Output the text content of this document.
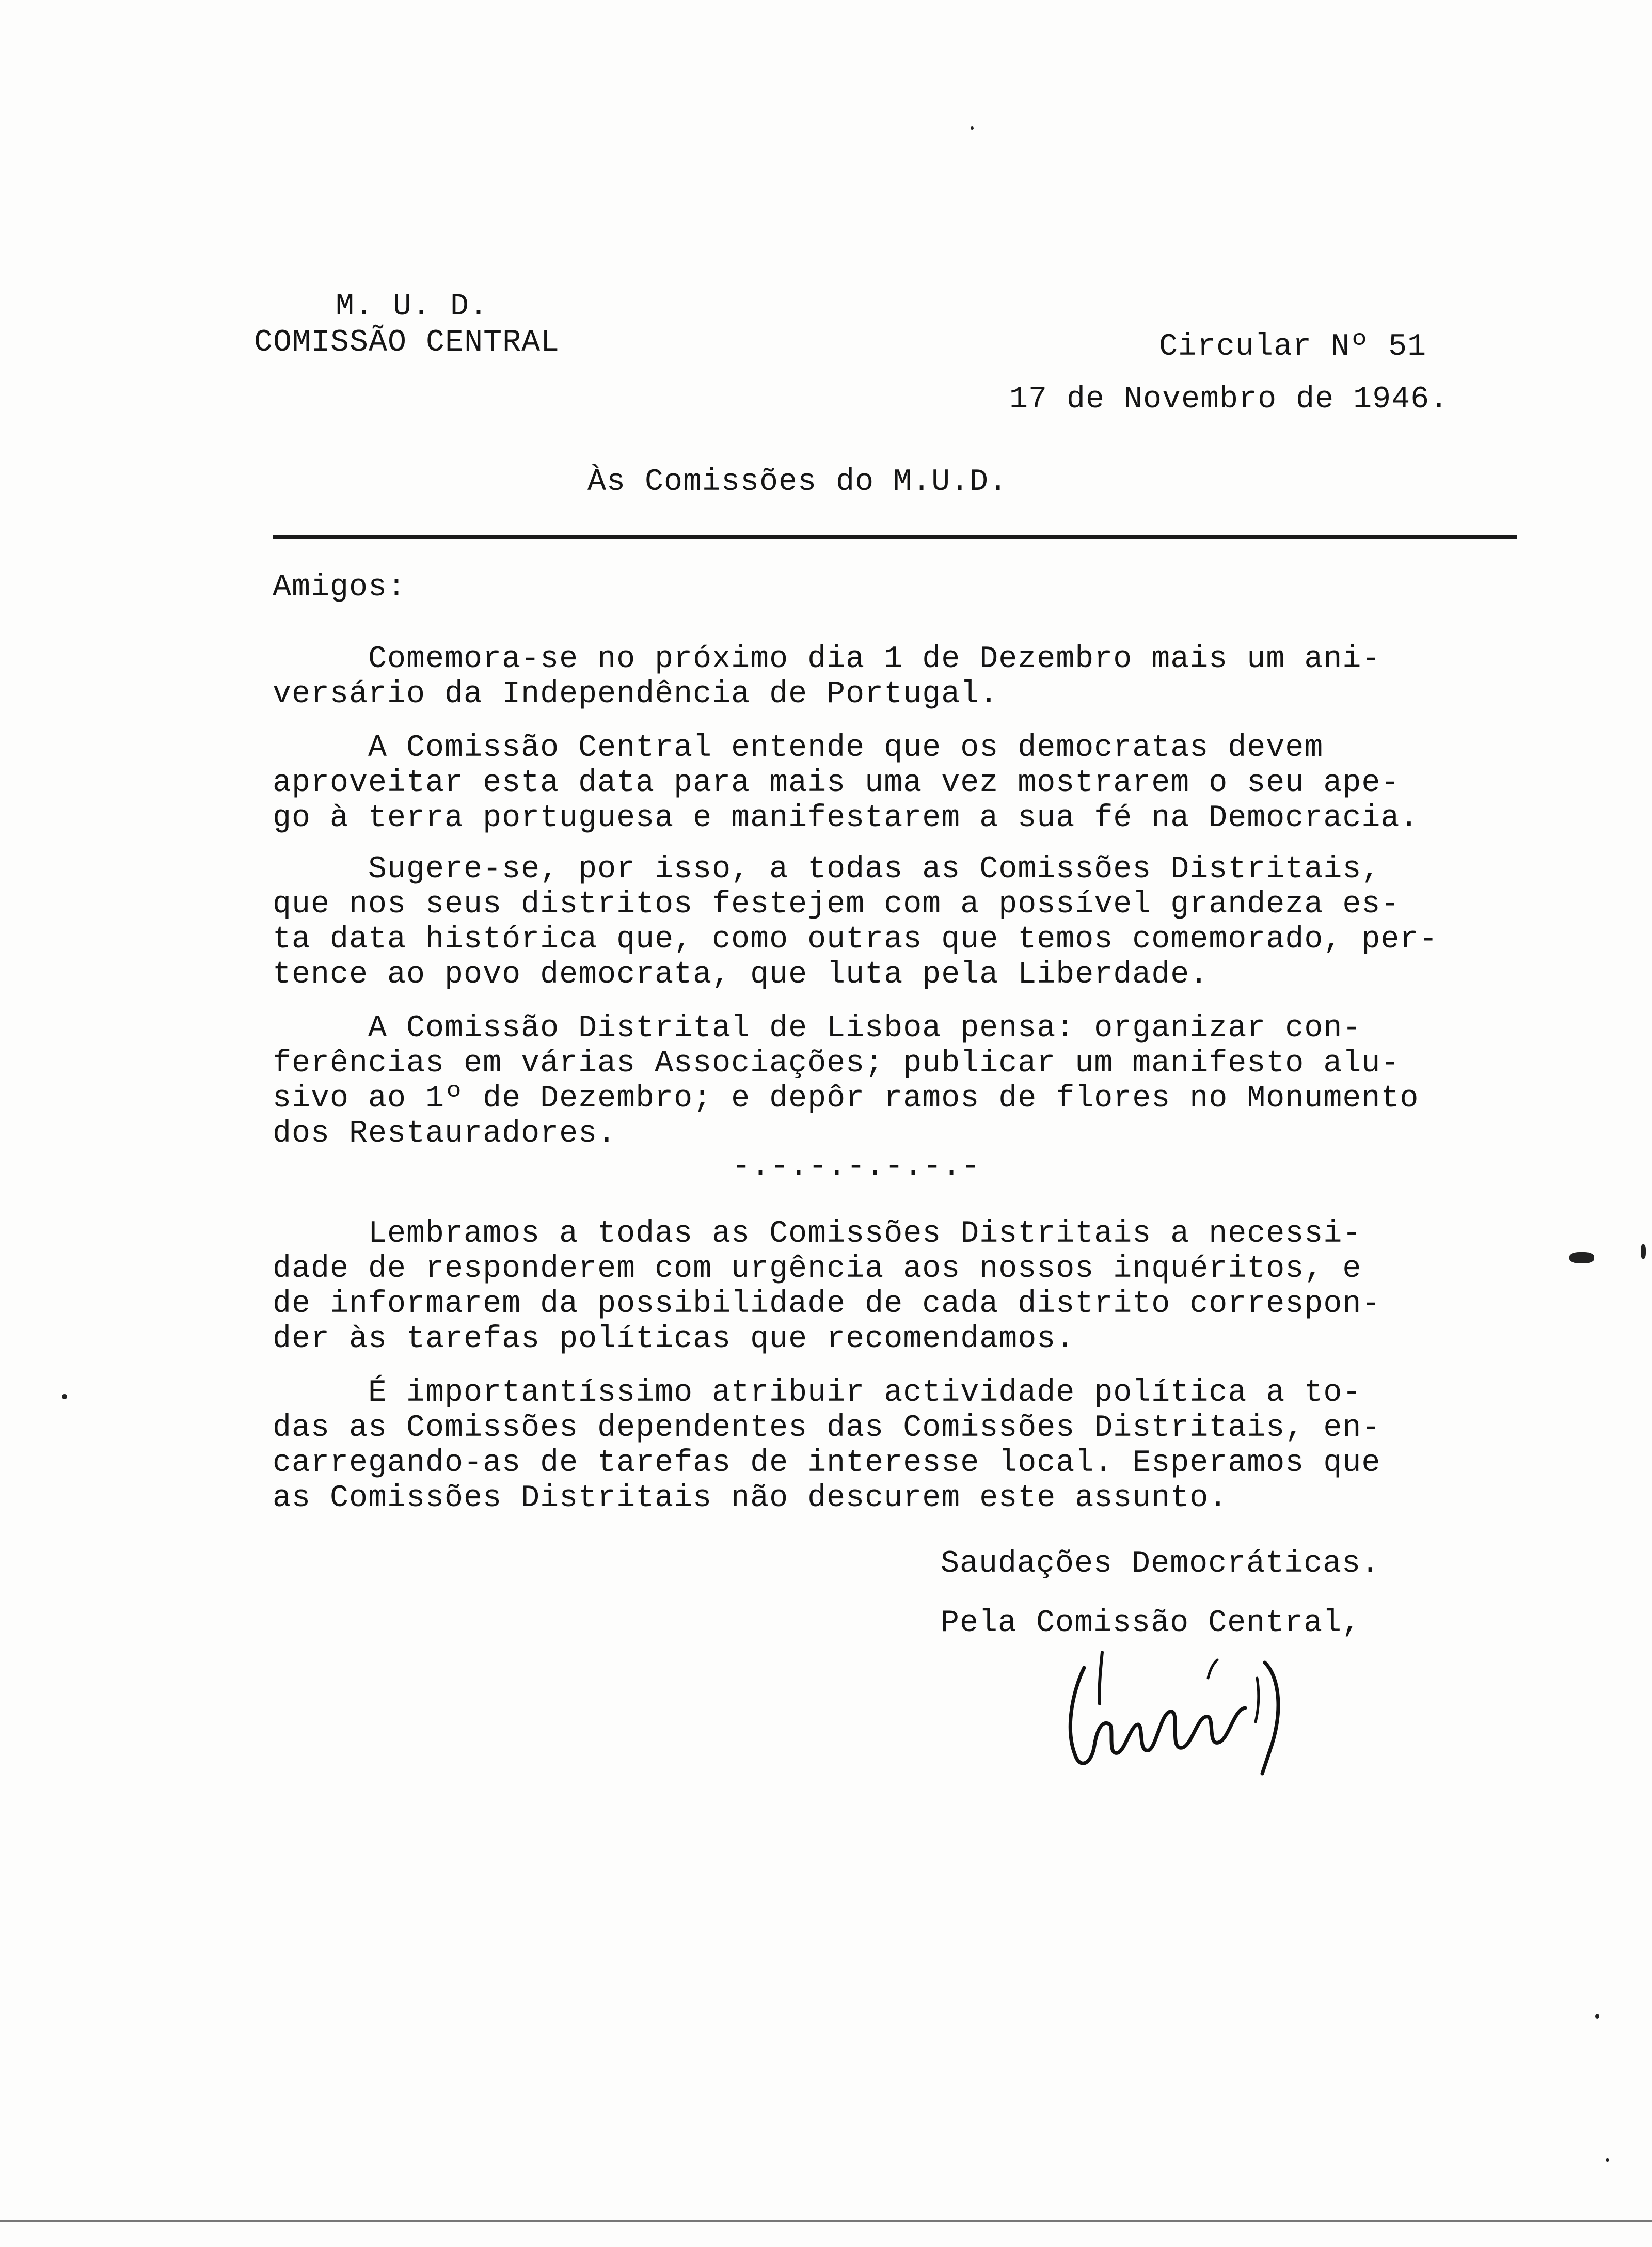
M. U. D.
COMISSÃO CENTRAL	Circular Nº 51
17 de Novembro de 1946.
Às Comissões do M.U.D.
Amigos:
Comemora-se no próximo dia 1 de Dezembro mais um ani-
versário da Independência de Portugal.
A Comissão Central entende que os democratas devem
aproveitar esta data para mais uma vez mostrarem o seu ape-
go à terra portuguesa e manifestarem a sua fé na Democracia.
Sugere-se, por isso, a todas as Comissões Distritais,
que nos seus distritos festejem com a possível grandeza es-
ta data histórica que, como outras que temos comemorado, per-
tence ao povo democrata, que luta pela Liberdade.
A Comissão Distrital de Lisboa pensa: organizar con-
ferências em várias Associações; publicar um manifesto alu-
sivo ao 1º de Dezembro; e depôr ramos de flores no Monumento
dos Restauradores.
-.-.-.-.-.-.-
Lembramos a todas as Comissões Distritais a necessi-
dade de responderem com urgência aos nossos inquéritos, e
de informarem da possibilidade de cada distrito correspon-
der às tarefas políticas que recomendamos.
É importantíssimo atribuir actividade política a to-
das as Comissões dependentes das Comissões Distritais, en-
carregando-as de tarefas de interesse local. Esperamos que
as Comissões Distritais não descurem este assunto.
Saudações Democráticas.
Pela Comissão Central,
